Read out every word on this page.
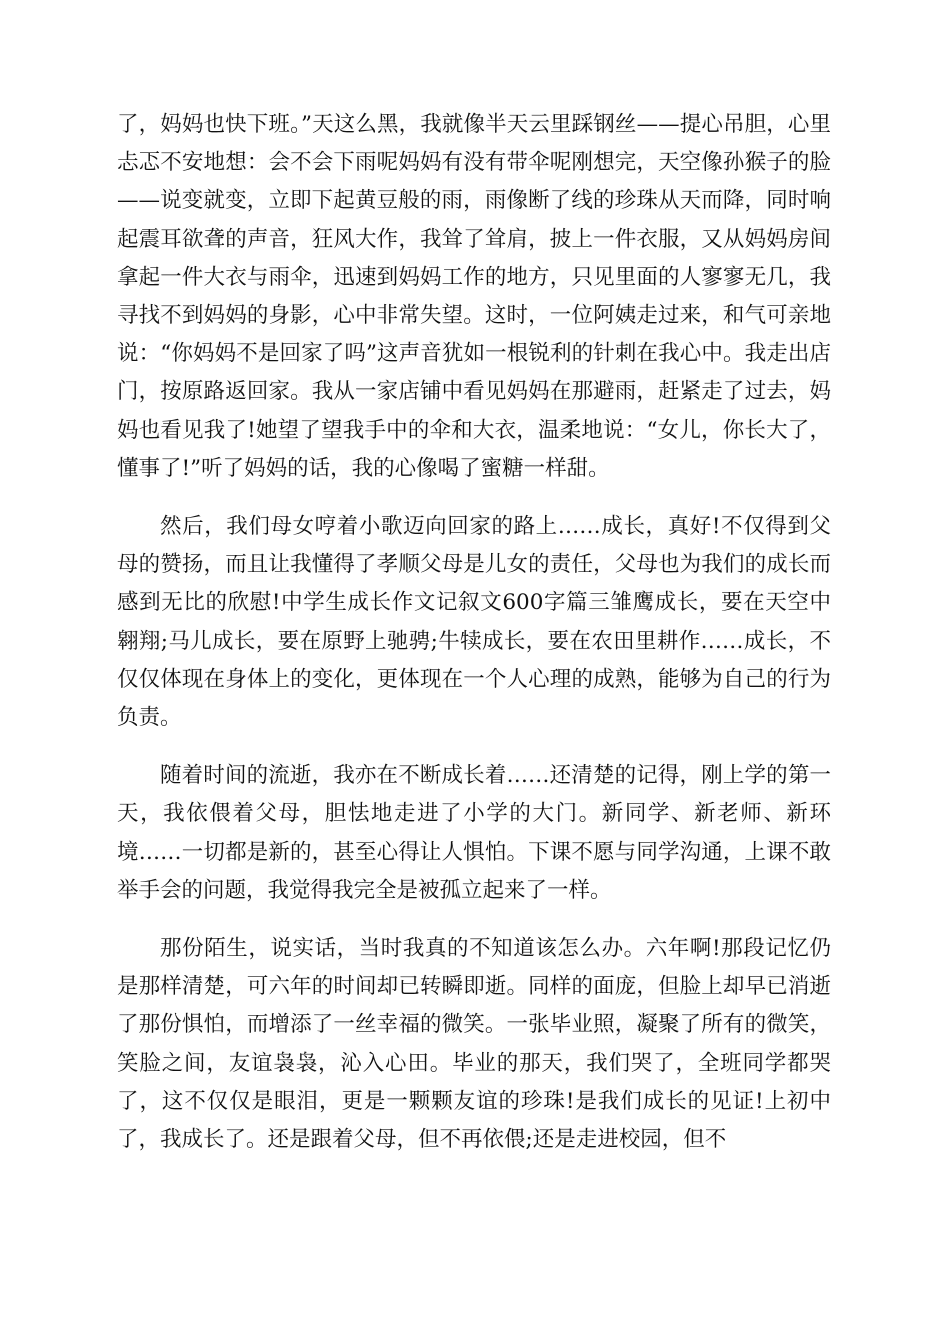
了，妈妈也快下班。”天这么黑，我就像半天云里踩钢丝——提心吊胆，心里忐忑不安地想：会不会下雨呢妈妈有没有带伞呢刚想完，天空像孙猴子的脸——说变就变，立即下起黄豆般的雨，雨像断了线的珍珠从天而降，同时响起震耳欲聋的声音，狂风大作，我耸了耸肩，披上一件衣服，又从妈妈房间拿起一件大衣与雨伞，迅速到妈妈工作的地方，只见里面的人寥寥无几，我寻找不到妈妈的身影，心中非常失望。这时，一位阿姨走过来，和气可亲地说：“你妈妈不是回家了吗”这声音犹如一根锐利的针刺在我心中。我走出店门，按原路返回家。我从一家店铺中看见妈妈在那避雨，赶紧走了过去，妈妈也看见我了!她望了望我手中的伞和大衣，温柔地说：“女儿，你长大了，懂事了!”听了妈妈的话，我的心像喝了蜜糖一样甜。

然后，我们母女哼着小歌迈向回家的路上……成长，真好!不仅得到父母的赞扬，而且让我懂得了孝顺父母是儿女的责任，父母也为我们的成长而感到无比的欣慰!中学生成长作文记叙文600字篇三雏鹰成长，要在天空中翱翔;马儿成长，要在原野上驰骋;牛犊成长，要在农田里耕作……成长，不仅仅体现在身体上的变化，更体现在一个人心理的成熟，能够为自己的行为负责。

随着时间的流逝，我亦在不断成长着……还清楚的记得，刚上学的第一天，我依偎着父母，胆怯地走进了小学的大门。新同学、新老师、新环境……一切都是新的，甚至心得让人惧怕。下课不愿与同学沟通，上课不敢举手会的问题，我觉得我完全是被孤立起来了一样。

那份陌生，说实话，当时我真的不知道该怎么办。六年啊!那段记忆仍是那样清楚，可六年的时间却已转瞬即逝。同样的面庞，但脸上却早已消逝了那份惧怕，而增添了一丝幸福的微笑。一张毕业照，凝聚了所有的微笑，笑脸之间，友谊袅袅，沁入心田。毕业的那天，我们哭了，全班同学都哭了，这不仅仅是眼泪，更是一颗颗友谊的珍珠!是我们成长的见证!上初中了，我成长了。还是跟着父母，但不再依偎;还是走进校园，但不
